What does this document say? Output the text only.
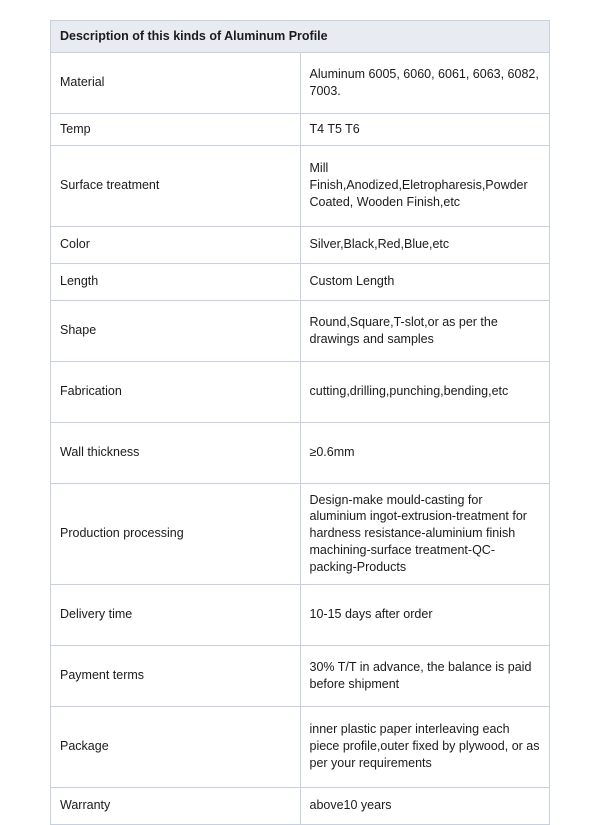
Description of this kinds of Aluminum Profile	
Material	Aluminum 6005, 6060, 6061, 6063, 6082, 7003.
Temp	T4 T5 T6
Surface treatment	Mill Finish,Anodized,Eletropharesis,Powder Coated, Wooden Finish,etc
Color	Silver,Black,Red,Blue,etc
Length	Custom Length
Shape	Round,Square,T-slot,or as per the drawings and samples
Fabrication	cutting,drilling,punching,bending,etc
Wall thickness	≥0.6mm
Production processing	Design-make mould-casting for aluminium ingot-extrusion-treatment for hardness resistance-aluminium finish machining-surface treatment-QC-packing-Products
Delivery time	10-15 days after order
Payment terms	30% T/T in advance, the balance is paid before shipment
Package	inner plastic paper interleaving each piece profile,outer fixed by plywood, or as per your requirements
Warranty	above10 years
